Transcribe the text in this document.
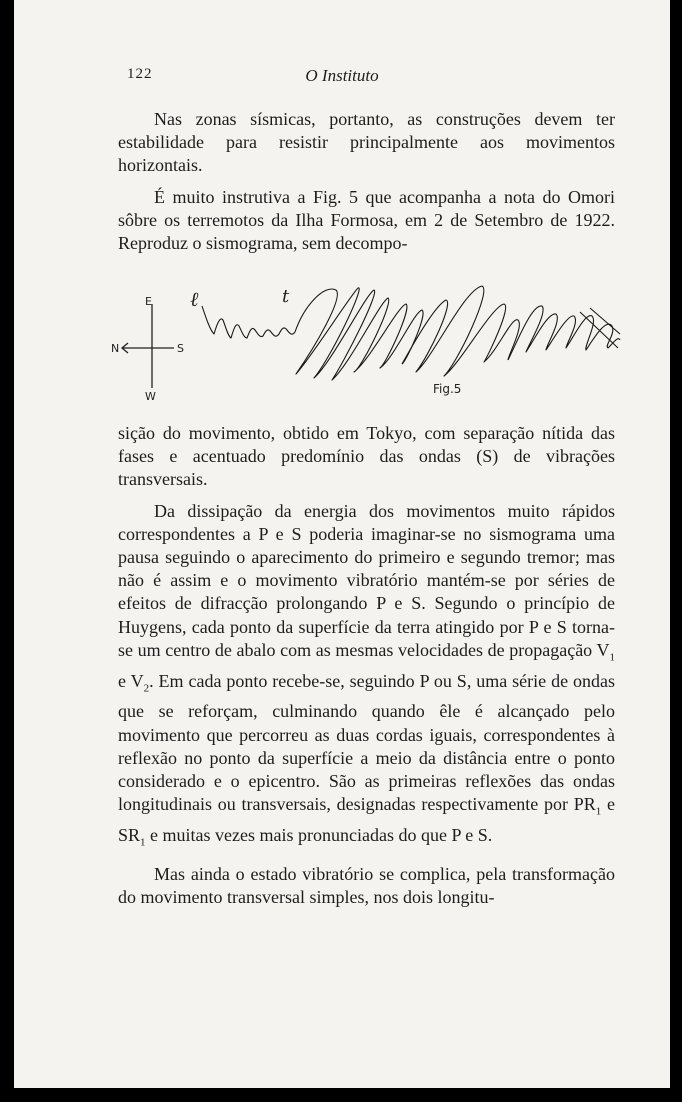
122	O Instituto

Nas zonas sísmicas, portanto, as construções devem ter estabilidade para resistir principalmente aos movimentos horizontais.

É muito instrutiva a Fig. 5 que acompanha a nota do Omori sôbre os terremotos da Ilha Formosa, em 2 de Setembro de 1922. Reproduz o sismograma, sem decompo-

E
N	S
W
ℓ	t
Fig.5

sição do movimento, obtido em Tokyo, com separação nítida das fases e acentuado predomínio das ondas (S) de vibrações transversais.

Da dissipação da energia dos movimentos muito rápidos correspondentes a P e S poderia imaginar-se no sismograma uma pausa seguindo o aparecimento do primeiro e segundo tremor; mas não é assim e o movimento vibratório mantém-se por séries de efeitos de difracção prolongando P e S. Segundo o princípio de Huygens, cada ponto da superfície da terra atingido por P e S torna-se um centro de abalo com as mesmas velocidades de propagação $V_1$ e $V_2$. Em cada ponto recebe-se, seguindo P ou S, uma série de ondas que se reforçam, culminando quando êle é alcançado pelo movimento que percorreu as duas cordas iguais, correspondentes à reflexão no ponto da superfície a meio da distância entre o ponto considerado e o epicentro. São as primeiras reflexões das ondas longitudinais ou transversais, designadas respectivamente por $PR_1$ e $SR_1$ e muitas vezes mais pronunciadas do que P e S.

Mas ainda o estado vibratório se complica, pela transformação do movimento transversal simples, nos dois longitu-
